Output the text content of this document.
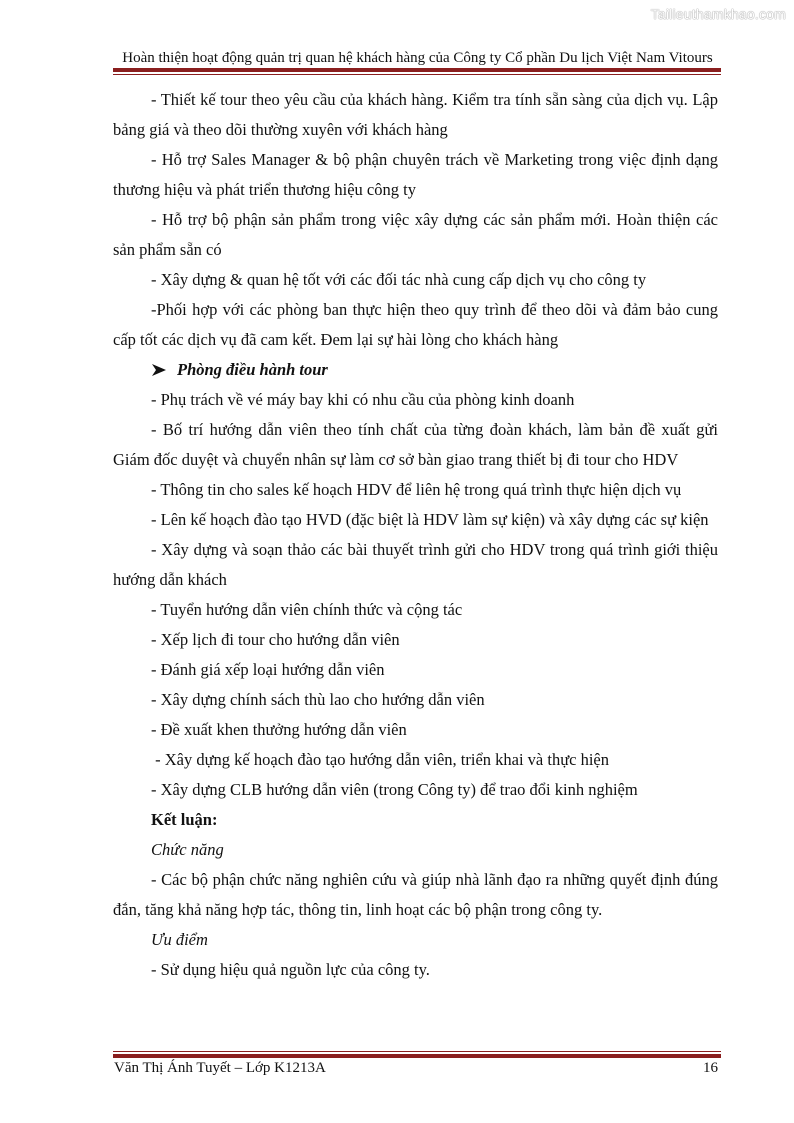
Tailieuthamkhao.com
Hoàn thiện hoạt động quản trị quan hệ khách hàng của Công ty Cổ phần Du lịch Việt Nam Vitours

- Thiết kế tour theo yêu cầu của khách hàng. Kiểm tra tính sẵn sàng của dịch vụ. Lập bảng giá và theo dõi thường xuyên với khách hàng

- Hỗ trợ Sales Manager & bộ phận chuyên trách về Marketing trong việc định dạng thương hiệu và phát triển thương hiệu công ty

- Hỗ trợ bộ phận sản phẩm trong việc xây dựng các sản phẩm mới. Hoàn thiện các sản phẩm sẵn có

- Xây dựng & quan hệ tốt với các đối tác nhà cung cấp dịch vụ cho công ty

-Phối hợp với các phòng ban thực hiện theo quy trình để theo dõi và đảm bảo cung cấp tốt các dịch vụ đã cam kết. Đem lại sự hài lòng cho khách hàng

Phòng điều hành tour

- Phụ trách về vé máy bay khi có nhu cầu của phòng kinh doanh

- Bố trí hướng dẫn viên theo tính chất của từng đoàn khách, làm bản đề xuất gửi Giám đốc duyệt và chuyển nhân sự làm cơ sở bàn giao trang thiết bị đi tour cho HDV

- Thông tin cho sales kế hoạch HDV để liên hệ trong quá trình thực hiện dịch vụ

- Lên kế hoạch đào tạo HVD (đặc biệt là HDV làm sự kiện) và xây dựng các sự kiện

- Xây dựng và soạn thảo các bài thuyết trình gửi cho HDV trong quá trình giới thiệu hướng dẫn khách

- Tuyển hướng dẫn viên chính thức và cộng tác

- Xếp lịch đi tour cho hướng dẫn viên

- Đánh giá xếp loại hướng dẫn viên

- Xây dựng chính sách thù lao cho hướng dẫn viên

- Đề xuất khen thưởng hướng dẫn viên

- Xây dựng kế hoạch đào tạo hướng dẫn viên, triển khai và thực hiện

- Xây dựng CLB hướng dẫn viên (trong Công ty) để trao đổi kinh nghiệm

Kết luận:

Chức năng

- Các bộ phận chức năng nghiên cứu và giúp nhà lãnh đạo ra những quyết định đúng đắn, tăng khả năng hợp tác, thông tin, linh hoạt các bộ phận trong công ty.

Ưu điểm

- Sử dụng hiệu quả nguồn lực của công ty.

Văn Thị Ánh Tuyết – Lớp K1213A	16
